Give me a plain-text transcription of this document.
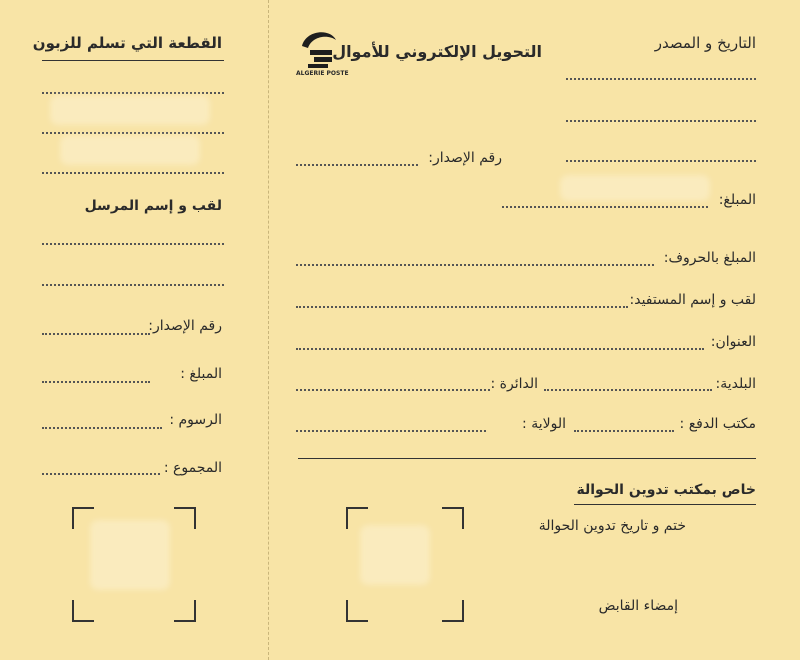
القطعة التي تسلم للزبون
لقب و إسم المرسل
رقم الإصدار:
المبلغ :
الرسوم :
المجموع :
التاريخ و المصدر
ALGERIE POSTE
التحويل الإلكتروني للأموال
رقم الإصدار:
المبلغ:
المبلغ بالحروف:
لقب و إسم المستفيد:
العنوان:
البلدية:
الدائرة :
مكتب الدفع :
الولاية :
خاص بمكتب تدوين الحوالة
ختم و تاريخ تدوين الحوالة
إمضاء القابض
